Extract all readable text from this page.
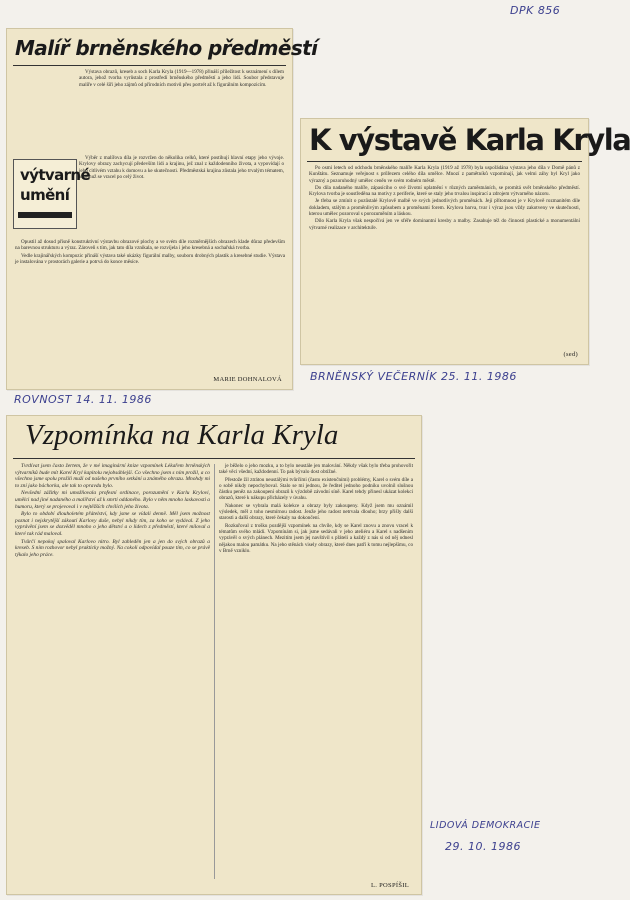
DPK 856
Malíř brněnského předměstí

Výstava obrazů, kreseb a soch Karla Kryla (1919—1978) přináší příležitost k seznámení s dílem autora, jehož tvorba vyrůstala z prostředí brněnského předměstí a jeho lidí. Soubor představuje malíře v celé šíři jeho zájmů od přírodních motivů přes portrét až k figurálním kompozicím.

Výběr z malířova díla je rozvržen do několika celků, které postihují hlavní etapy jeho vývoje. Krylovy obrazy zachycují především lidi a krajinu, jež znal z každodenního života, a vypovídají o jeho citlivém vztahu k domovu a ke skutečnosti. Předměstská krajina zůstala jeho trvalým tématem, k němuž se vracel po celý život.

výtvarné
umění

Opustil až dosud přísně konstruktivní výstavbu obrazové plochy a ve svém díle rozměrnějších obrazech klade důraz především na barevnou strukturu a výraz. Zároveň s tím, jak tato díla vznikala, se rozvíjela i jeho kresebná a sochařská tvorba.

Vedle krajinářských kompozic přináší výstava také ukázky figurální malby, souboru drobných plastik a kresebné studie. Výstava je instalována v prostorách galerie a potrvá do konce měsíce.

MARIE DOHNALOVÁ
ROVNOST 14. 11. 1986
K výstavě Karla Kryla

Po osmi letech od odchodu brněnského malíře Karla Kryla (1919 až 1978) byla uspořádána výstava jeho díla v Domě pánů z Kunštátu. Seznamuje veřejnost s průřezem celého díla umělce. Mnozí z pamětníků vzpomínají, jak velmi záhy byl Kryl jako výrazný a pozoruhodný umělec ceněn ve svém rodném městě.

Do díla nadaného malíře, zápasícího o své životní uplatnění v různých zaměstnáních, se promítá svět brněnského předměstí. Krylova tvorba je soustředěna na motivy z periferie, které se staly jeho trvalou inspirací a zdrojem výtvarného názoru.

Je třeba se zmínit o pozůstalé Krylově malbě ve svých jednotlivých proměnách. Její přítomnost je v Krylově rozmanitém díle dokladem, stálým a proměnlivým způsobem a proměnami forem. Krylova barva, tvar i výraz jsou vždy zakotveny ve skutečnosti, kterou umělec pozoroval s porozuměním a láskou.

Dílo Karla Kryla však nespočívá jen ve sféře dominantní kresby a malby. Zasahuje též do činnosti plastické a monumentální výtvarné realizace v architektuře.

(sed)
BRNĚNSKÝ VEČERNÍK 25. 11. 1986
Vzpomínka na Karla Kryla

Tvrdívat jsem často žertem, že v mé imaginární knize vzpomínek Lékařem brněnských výtvarníků bude mít Karel Kryl kapitolu nejobsáhlejší. Co všechno jsem s ním prožil, a co všechno jsme spolu prožili muži od našeho prvního setkání u známého obrazu. Mnohdy mi to zní jako báchorka, ale tak to opravdu bylo.

Nevšední zážitky mi umožňovala profesní ordinace, porozumění v Karlu Krylovi, umělci nad jiné nadaného a malířství až k smrti oddaného. Bylo v něm mnoho laskavosti a humoru, který se projevoval i v nejtěžších chvílích jeho života.

Bylo to období dlouholetém přátelství, kdy jsme se vídali denně. Měl jsem možnost poznat i nejskrytější zákoutí Karlovy duše, nebyl nikdy tím, za koho se vydával. Z jeho vyprávění jsem se dozvěděl mnoho o jeho dětství a o lidech z předměstí, které miloval a které tak rád maloval.

Tvůrčí nepokoj spaloval Karlovo nitro. Byl zahleděn jen a jen do svých obrazů a kreseb. S ním rozhovor nebyl prakticky možný. Na cokoli odpovídal pouze tím, co se právě týkalo jeho práce.

je běželo o jeho mozku, a to bylo neustále jen malování. Někdy však bylo třeba prohovořit také věci všední, každodenní. To pak bývalo dost obtížné.

Přestože žil ztrátou neustálými tvůrčími (často existenčními) problémy, Karel o svém díle a o sobě nikdy nepochyboval. Stalo se mi jednou, že ředitel jednoho podniku uvolnil slušnou částku peněz na zakoupení obrazů k výzdobě závodní síně. Karel tehdy přinesl ukázat kolekci obrazů, které k nákupu přicházely v úvahu.

Nakonec se vybrala malá kolekce a obrazy byly zakoupeny. Když jsem mu oznámil výsledek, měl z toho nesmírnou radost. Jenže jeho radost netrvala dlouho; brzy přišly další starosti a další obrazy, které čekaly na dokončení.

Rozkuřoval z trošku pozdější vzpomínek na chvíle, kdy se Karel znovu a znovu vracel k tématům svého mládí. Vzpomínám si, jak jsme sedávali v jeho ateliéru a Karel s nadšením vyprávěl o svých plánech. Mezitím jsem jej navštívil s přáteli a každý z nás si od něj odnesl nějakou malou památku. Na jeho stěnách visely obrazy, které dnes patří k tomu nejlepšímu, co v Brně vzniklo.

L. POSPÍŠIL
LIDOVÁ DEMOKRACIE
29. 10. 1986
